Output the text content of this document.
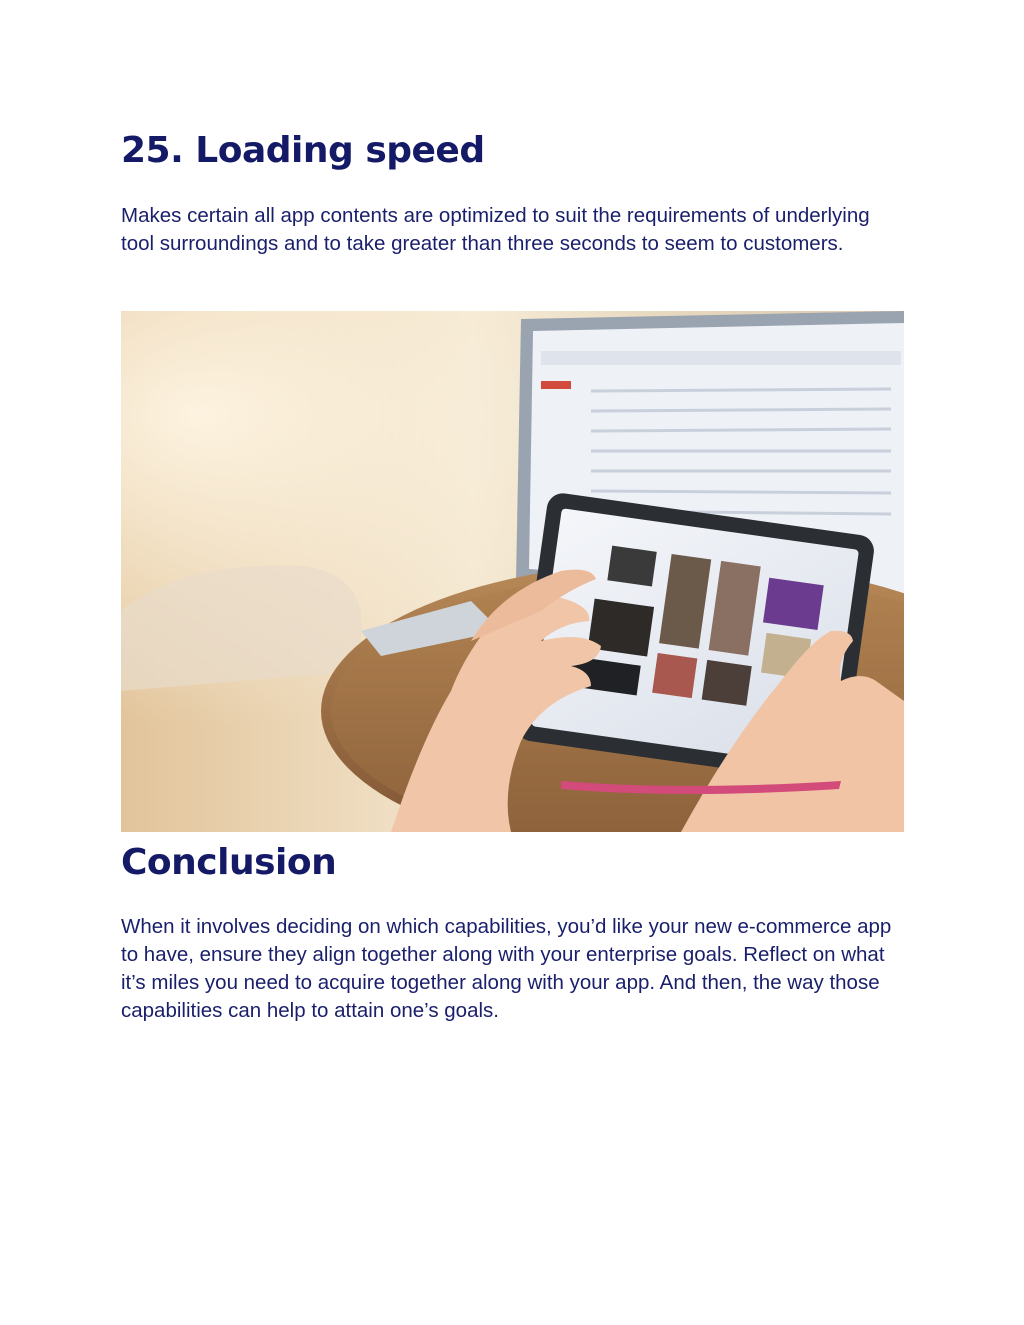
25. Loading speed

Makes certain all app contents are optimized to suit the requirements of underlying tool surroundings and to take greater than three seconds to seem to customers.

Conclusion

When it involves deciding on which capabilities, you’d like your new e-commerce app to have, ensure they align together along with your enterprise goals. Reflect on what it’s miles you need to acquire together along with your app. And then, the way those capabilities can help to attain one’s goals.
